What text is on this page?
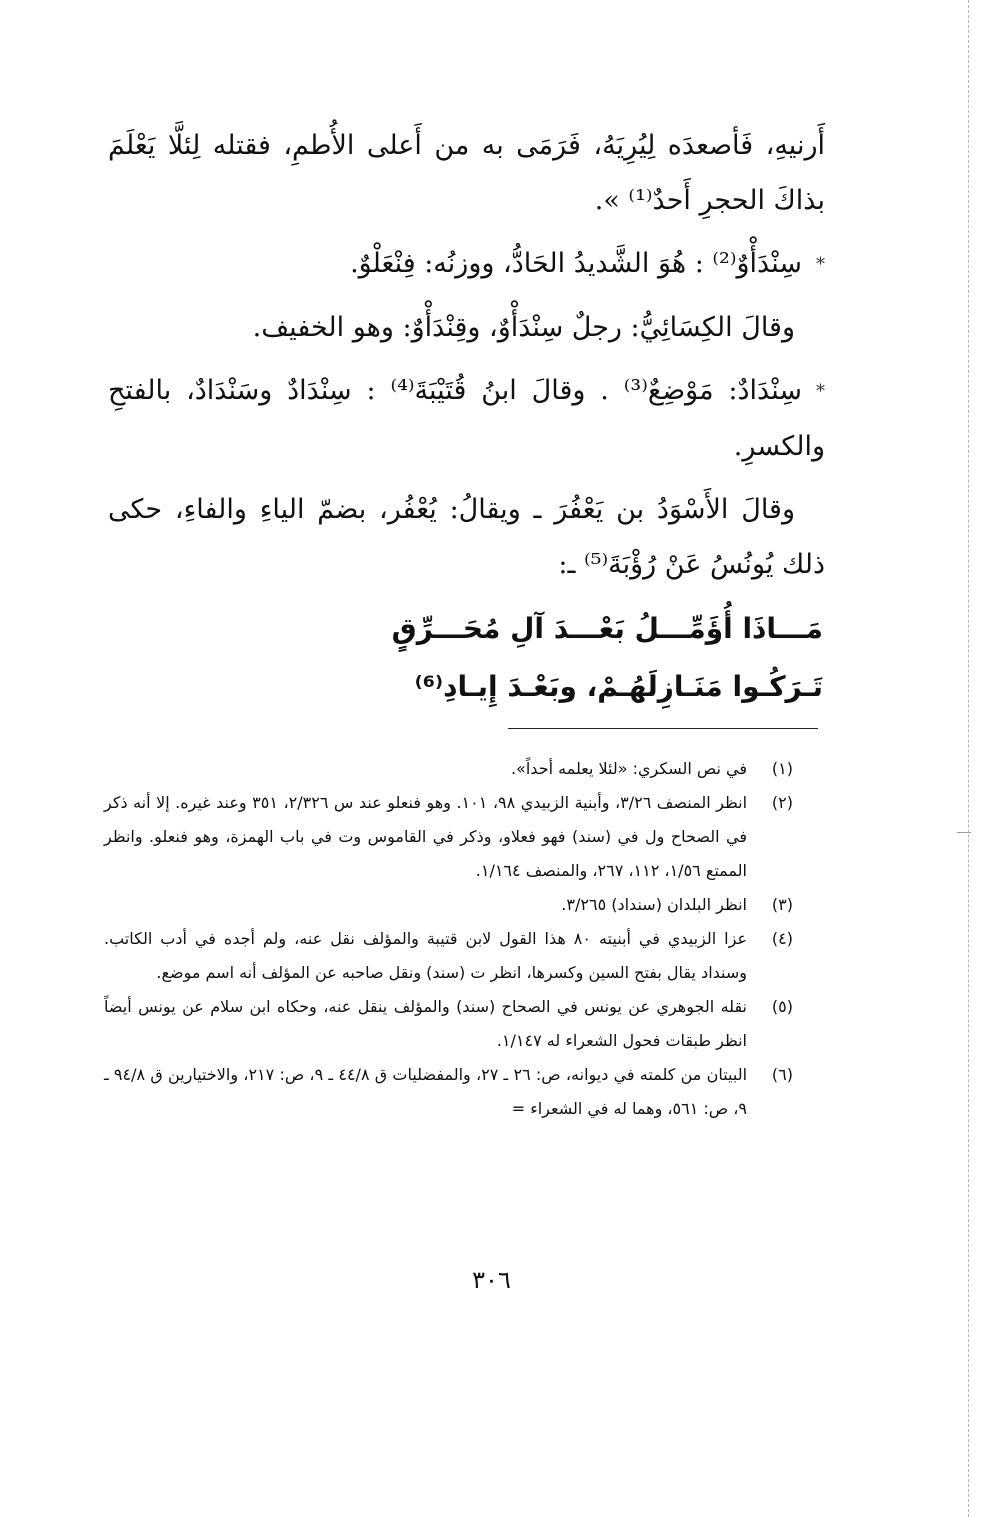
أَرنيهِ، فَأصعدَه لِيُرِيَهُ، فَرَمَى به من أَعلى الأُطمِ، فقتله لِئلَّا يَعْلَمَ بذاكَ الحجرِ أَحدٌ⁽¹⁾ ».

*سِنْدَأْوٌ⁽²⁾ : هُوَ الشَّديدُ الحَادُّ، ووزنُه: فِنْعَلْوٌ.

وقالَ الكِسَائِيُّ: رجلٌ سِنْدَأْوٌ، وقِنْدَأْوٌ: وهو الخفيف.

*سِنْدَادٌ: مَوْضِعٌ⁽³⁾ . وقالَ ابنُ قُتَيْبَةَ⁽⁴⁾ : سِنْدَادٌ وسَنْدَادٌ، بالفتحِ والكسرِ.

وقالَ الأَسْوَدُ بن يَعْفُرَ ـ ويقالُ: يُعْفُر، بضمّ الياءِ والفاءِ، حكى ذلك يُونُسُ عَنْ رُؤْبَةَ⁽⁵⁾ ـ:

مَـــاذَا أُؤَمِّـــلُ بَعْـــدَ آلِ مُحَـــرِّقٍ
تَـرَكُـوا مَنَـازِلَهُـمْ، وبَعْـدَ إِيـادِ⁽⁶⁾
(١)
في نص السكري: «لئلا يعلمه أحداً».
(٢)
انظر المنصف ٣/٢٦، وأبنية الزبيدي ٩٨، ١٠١. وهو فنعلو عند س ٢/٣٢٦، ٣٥١ وعند غيره. إلا أنه ذكر في الصحاح ول في (سند) فهو فعلاو، وذكر في القاموس وت في باب الهمزة، وهو فنعلو. وانظر الممتع ١/٥٦، ١١٢، ٢٦٧، والمنصف ١/١٦٤.
(٣)
انظر البلدان (سنداد) ٣/٢٦٥.
(٤)
عزا الزبيدي في أبنيته ٨٠ هذا القول لابن قتيبة والمؤلف نقل عنه، ولم أجده في أدب الكاتب. وسنداد يقال بفتح السين وكسرها، انظر ت (سند) ونقل صاحبه عن المؤلف أنه اسم موضع.
(٥)
نقله الجوهري عن يونس في الصحاح (سند) والمؤلف ينقل عنه، وحكاه ابن سلام عن يونس أيضاً انظر طبقات فحول الشعراء له ١/١٤٧.
(٦)
البيتان من كلمته في ديوانه، ص: ٢٦ ـ ٢٧، والمفضليات ق ٤٤/٨ ـ ٩، ص: ٢١٧، والاختيارين ق ٩٤/٨ ـ ٩، ص: ٥٦١، وهما له في الشعراء =
٣٠٦
